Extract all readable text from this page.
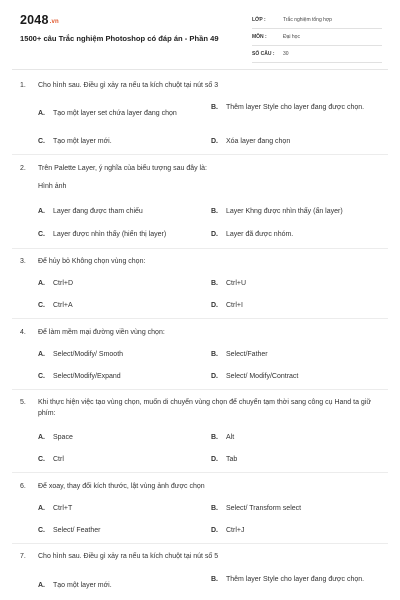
2048.vn
1500+ câu Trắc nghiệm Photoshop có đáp án - Phần 49
LỚP :	Trắc nghiệm tổng hợp
MÔN :	Đại học
SỐ CÂU :	30
1.	Cho hình sau. Điều gì xảy ra nếu ta kích chuột tại nút số 3
A.	Tạo một layer set chứa layer đang chọn
B.	Thêm layer Style cho layer đang được chọn.
C.	Tạo một layer mới.	D.	Xóa layer đang chọn
2.	Trên Palette Layer, ý nghĩa của biểu tượng sau đây là:
Hình ảnh
A.	Layer đang được tham chiếu	B.	Layer Khng được nhìn thấy (ẩn layer)
C.	Layer được nhìn thấy (hiển thị layer)	D.	Layer đã được nhóm.
3.	Để hủy bỏ Không chọn vùng chọn:
A.	Ctrl+D	B.	Ctrl+U
C.	Ctrl+A	D.	Ctrl+I
4.	Để làm mềm mại đường viền vùng chọn:
A.	Select/Modify/ Smooth	B.	Select/Father
C.	Select/Modify/Expand	D.	Select/ Modify/Contract
5.	Khi thực hiện việc tạo vùng chọn, muốn di chuyển vùng chọn để chuyển tạm thời sang công cụ Hand ta giữ phím:
A.	Space	B.	Alt
C.	Ctrl	D.	Tab
6.	Để xoay, thay đổi kích thước, lật vùng ảnh được chọn
A.	Ctrl+T	B.	Select/ Transform select
C.	Select/ Feather	D.	Ctrl+J
7.	Cho hình sau. Điều gì xảy ra nếu ta kích chuột tại nút số 5
A.	Tạo một layer mới.
B.	Thêm layer Style cho layer đang được chọn.
